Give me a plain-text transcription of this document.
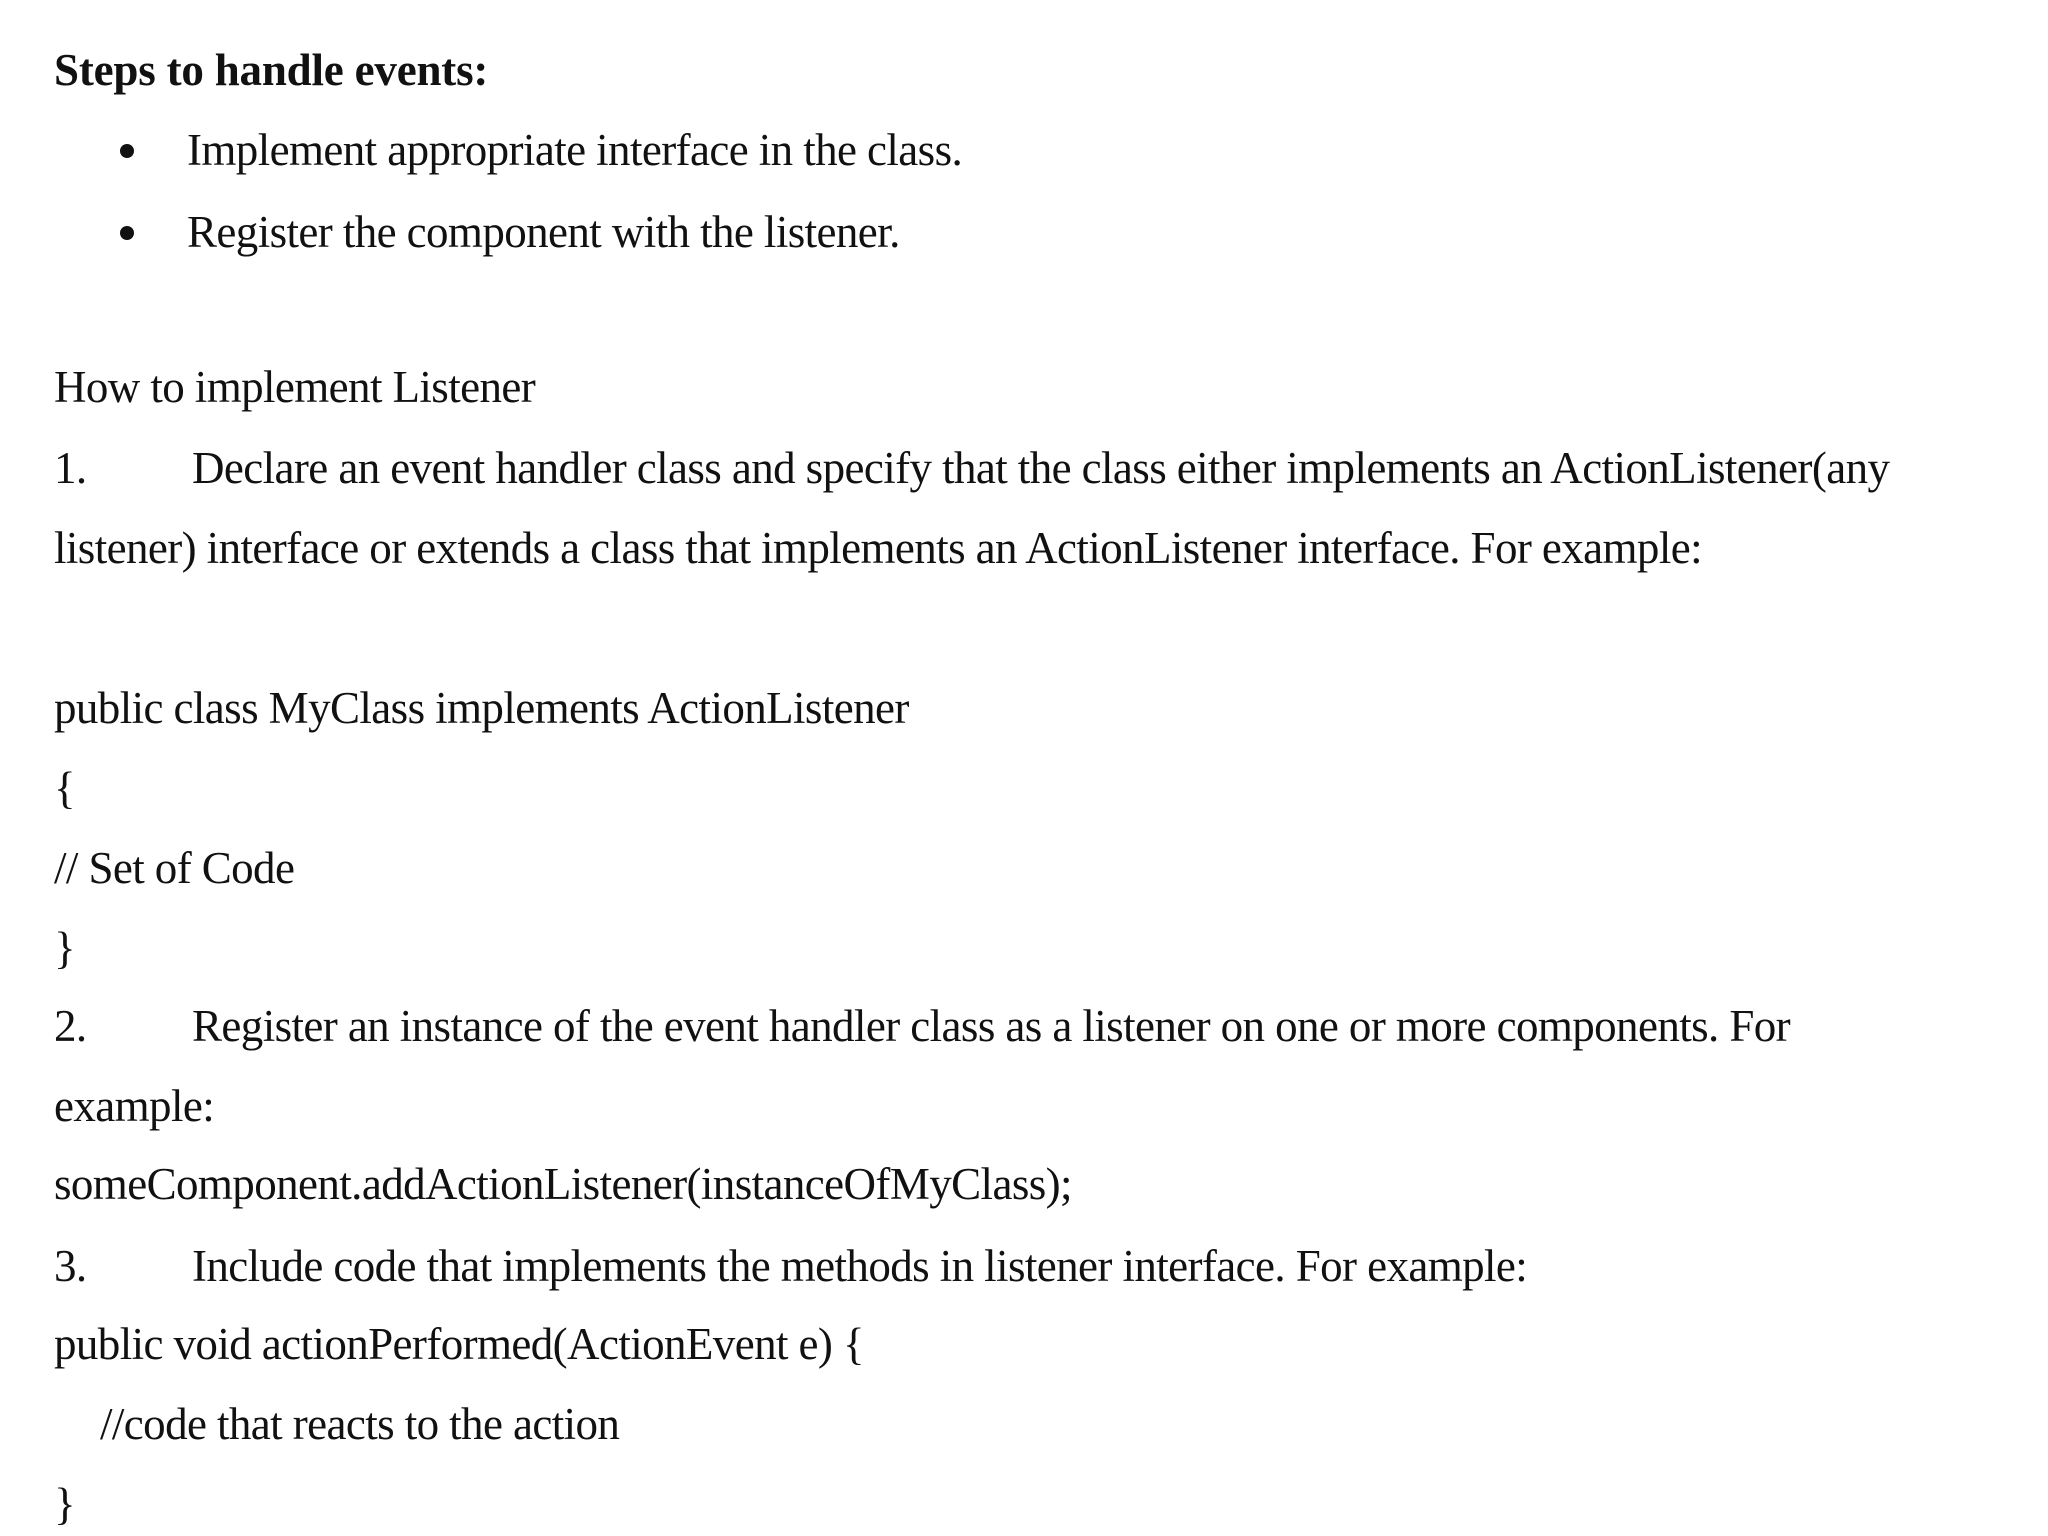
Steps to handle events:
Implement appropriate interface in the class.
Register the component with the listener.
How to implement Listener
1. Declare an event handler class and specify that the class either implements an ActionListener(any
listener) interface or extends a class that implements an ActionListener interface. For example:
public class MyClass implements ActionListener
{
// Set of Code
}
2. Register an instance of the event handler class as a listener on one or more components. For
example:
someComponent.addActionListener(instanceOfMyClass);
3. Include code that implements the methods in listener interface. For example:
public void actionPerformed(ActionEvent e) {
//code that reacts to the action
}
